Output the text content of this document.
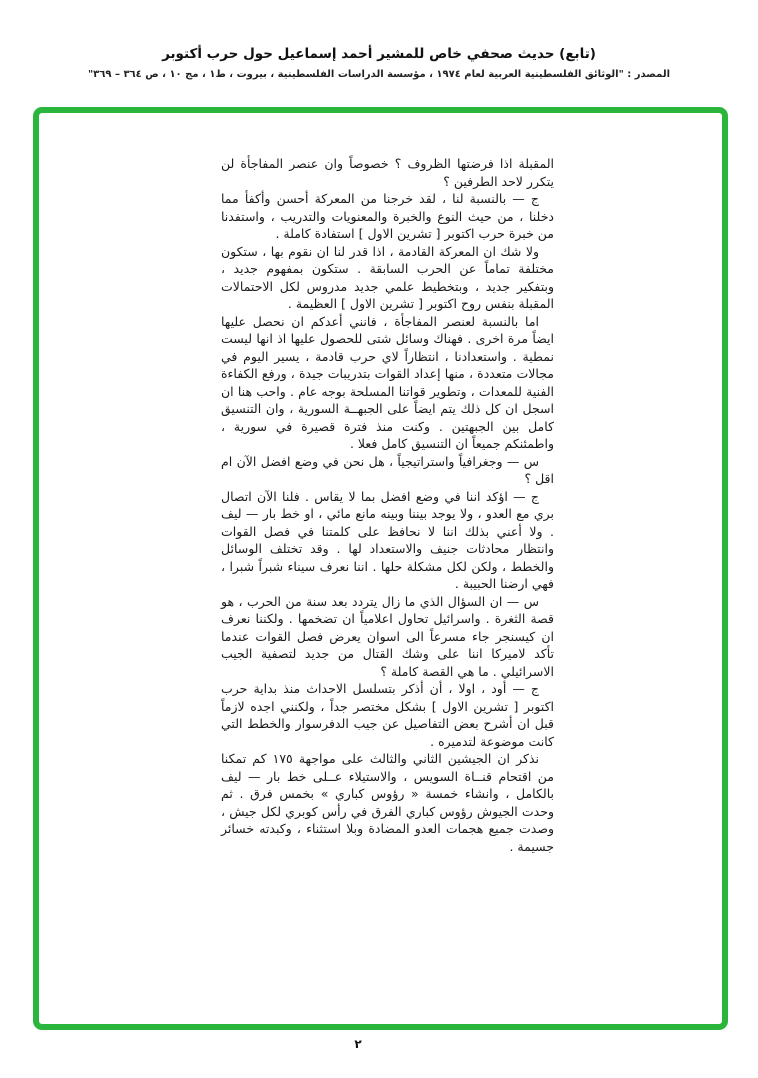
(تابع) حديث صحفي خاص للمشير أحمد إسماعيل حول حرب أكتوبر
المصدر : "الوثائق الفلسطينية العربية لعام ١٩٧٤ ، مؤسسة الدراسات الفلسطينية ، بيروت ، ط١ ، مج ١٠ ، ص ٣٦٤ – ٣٦٩"

المقبلة اذا فرضتها الظروف ؟ خصوصاً وان عنصر المفاجأة لن يتكرر لاحد الطرفين ؟

ج — بالنسبة لنا ، لقد خرجنا من المعركة أحسن وأكفأ مما دخلنا ، من حيث النوع والخبرة والمعنويات والتدريب ، واستفدنا من خبرة حرب اكتوبر [ تشرين الاول ] استفادة كاملة .

ولا شك ان المعركة القادمة ، اذا قدر لنا ان نقوم بها ، ستكون مختلفة تماماً عن الحرب السابقة . ستكون بمفهوم جديد ، وبتفكير جديد ، وبتخطيط علمي جديد مدروس لكل الاحتمالات المقبلة بنفس روح اكتوبر [ تشرين الاول ] العظيمة .

اما بالنسبة لعنصر المفاجأة ، فانني أعدكم ان نحصل عليها ايضاً مرة اخرى . فهناك وسائل شتى للحصول عليها اذ انها ليست نمطية . واستعدادنا ، انتظاراً لاي حرب قادمة ، يسير اليوم في مجالات متعددة ، منها إعداد القوات بتدريبات جيدة ، ورفع الكفاءة الفنية للمعدات ، وتطوير قواتنا المسلحة بوجه عام . واحب هنا ان اسجل ان كل ذلك يتم ايضاً على الجبهــة السورية ، وان التنسيق كامل بين الجبهتين . وكنت منذ فترة قصيرة في سورية ، واطمئنكم جميعاً ان التنسيق كامل فعلا .

س — وجغرافياً واستراتيجياً ، هل نحن في وضع افضل الآن ام اقل ؟

ج — اؤكد اننا في وضع افضل بما لا يقاس . فلنا الآن اتصال بري مع العدو ، ولا يوجد بيننا وبينه مانع مائي ، او خط بار — ليف . ولا أعني بذلك اننا لا نحافظ على كلمتنا في فصل القوات وانتظار محادثات جنيف والاستعداد لها . وقد تختلف الوسائل والخطط ، ولكن لكل مشكلة حلها . اننا نعرف سيناء شبراً شبرا ، فهي ارضنا الحبيبة .

س — ان السؤال الذي ما زال يتردد بعد سنة من الحرب ، هو قصة الثغرة . واسرائيل تحاول اعلامياً ان تضخمها . ولكننا نعرف ان كيسنجر جاء مسرعاً الى اسوان يعرض فصل القوات عندما تأكد لاميركا اننا على وشك القتال من جديد لتصفية الجيب الاسرائيلي . ما هي القصة كاملة ؟

ج — أود ، اولا ، أن أذكر بتسلسل الاحداث منذ بداية حرب اكتوبر [ تشرين الاول ] بشكل مختصر جداً ، ولكنني اجده لازماً قبل ان أشرح بعض التفاصيل عن جيب الدفرسوار والخطط التي كانت موضوعة لتدميره .

نذكر ان الجيشين الثاني والثالث على مواجهة ١٧٥ كم تمكنا من اقتحام قنــاة السويس ، والاستيلاء عــلى خط بار — ليف بالكامل ، وانشاء خمسة « رؤوس كباري » بخمس فرق . ثم وحدت الجيوش رؤوس كباري الفرق في رأس كوبري لكل جيش ، وصدت جميع هجمات العدو المضادة وبلا استثناء ، وكبدته خسائر جسيمة .

٢
